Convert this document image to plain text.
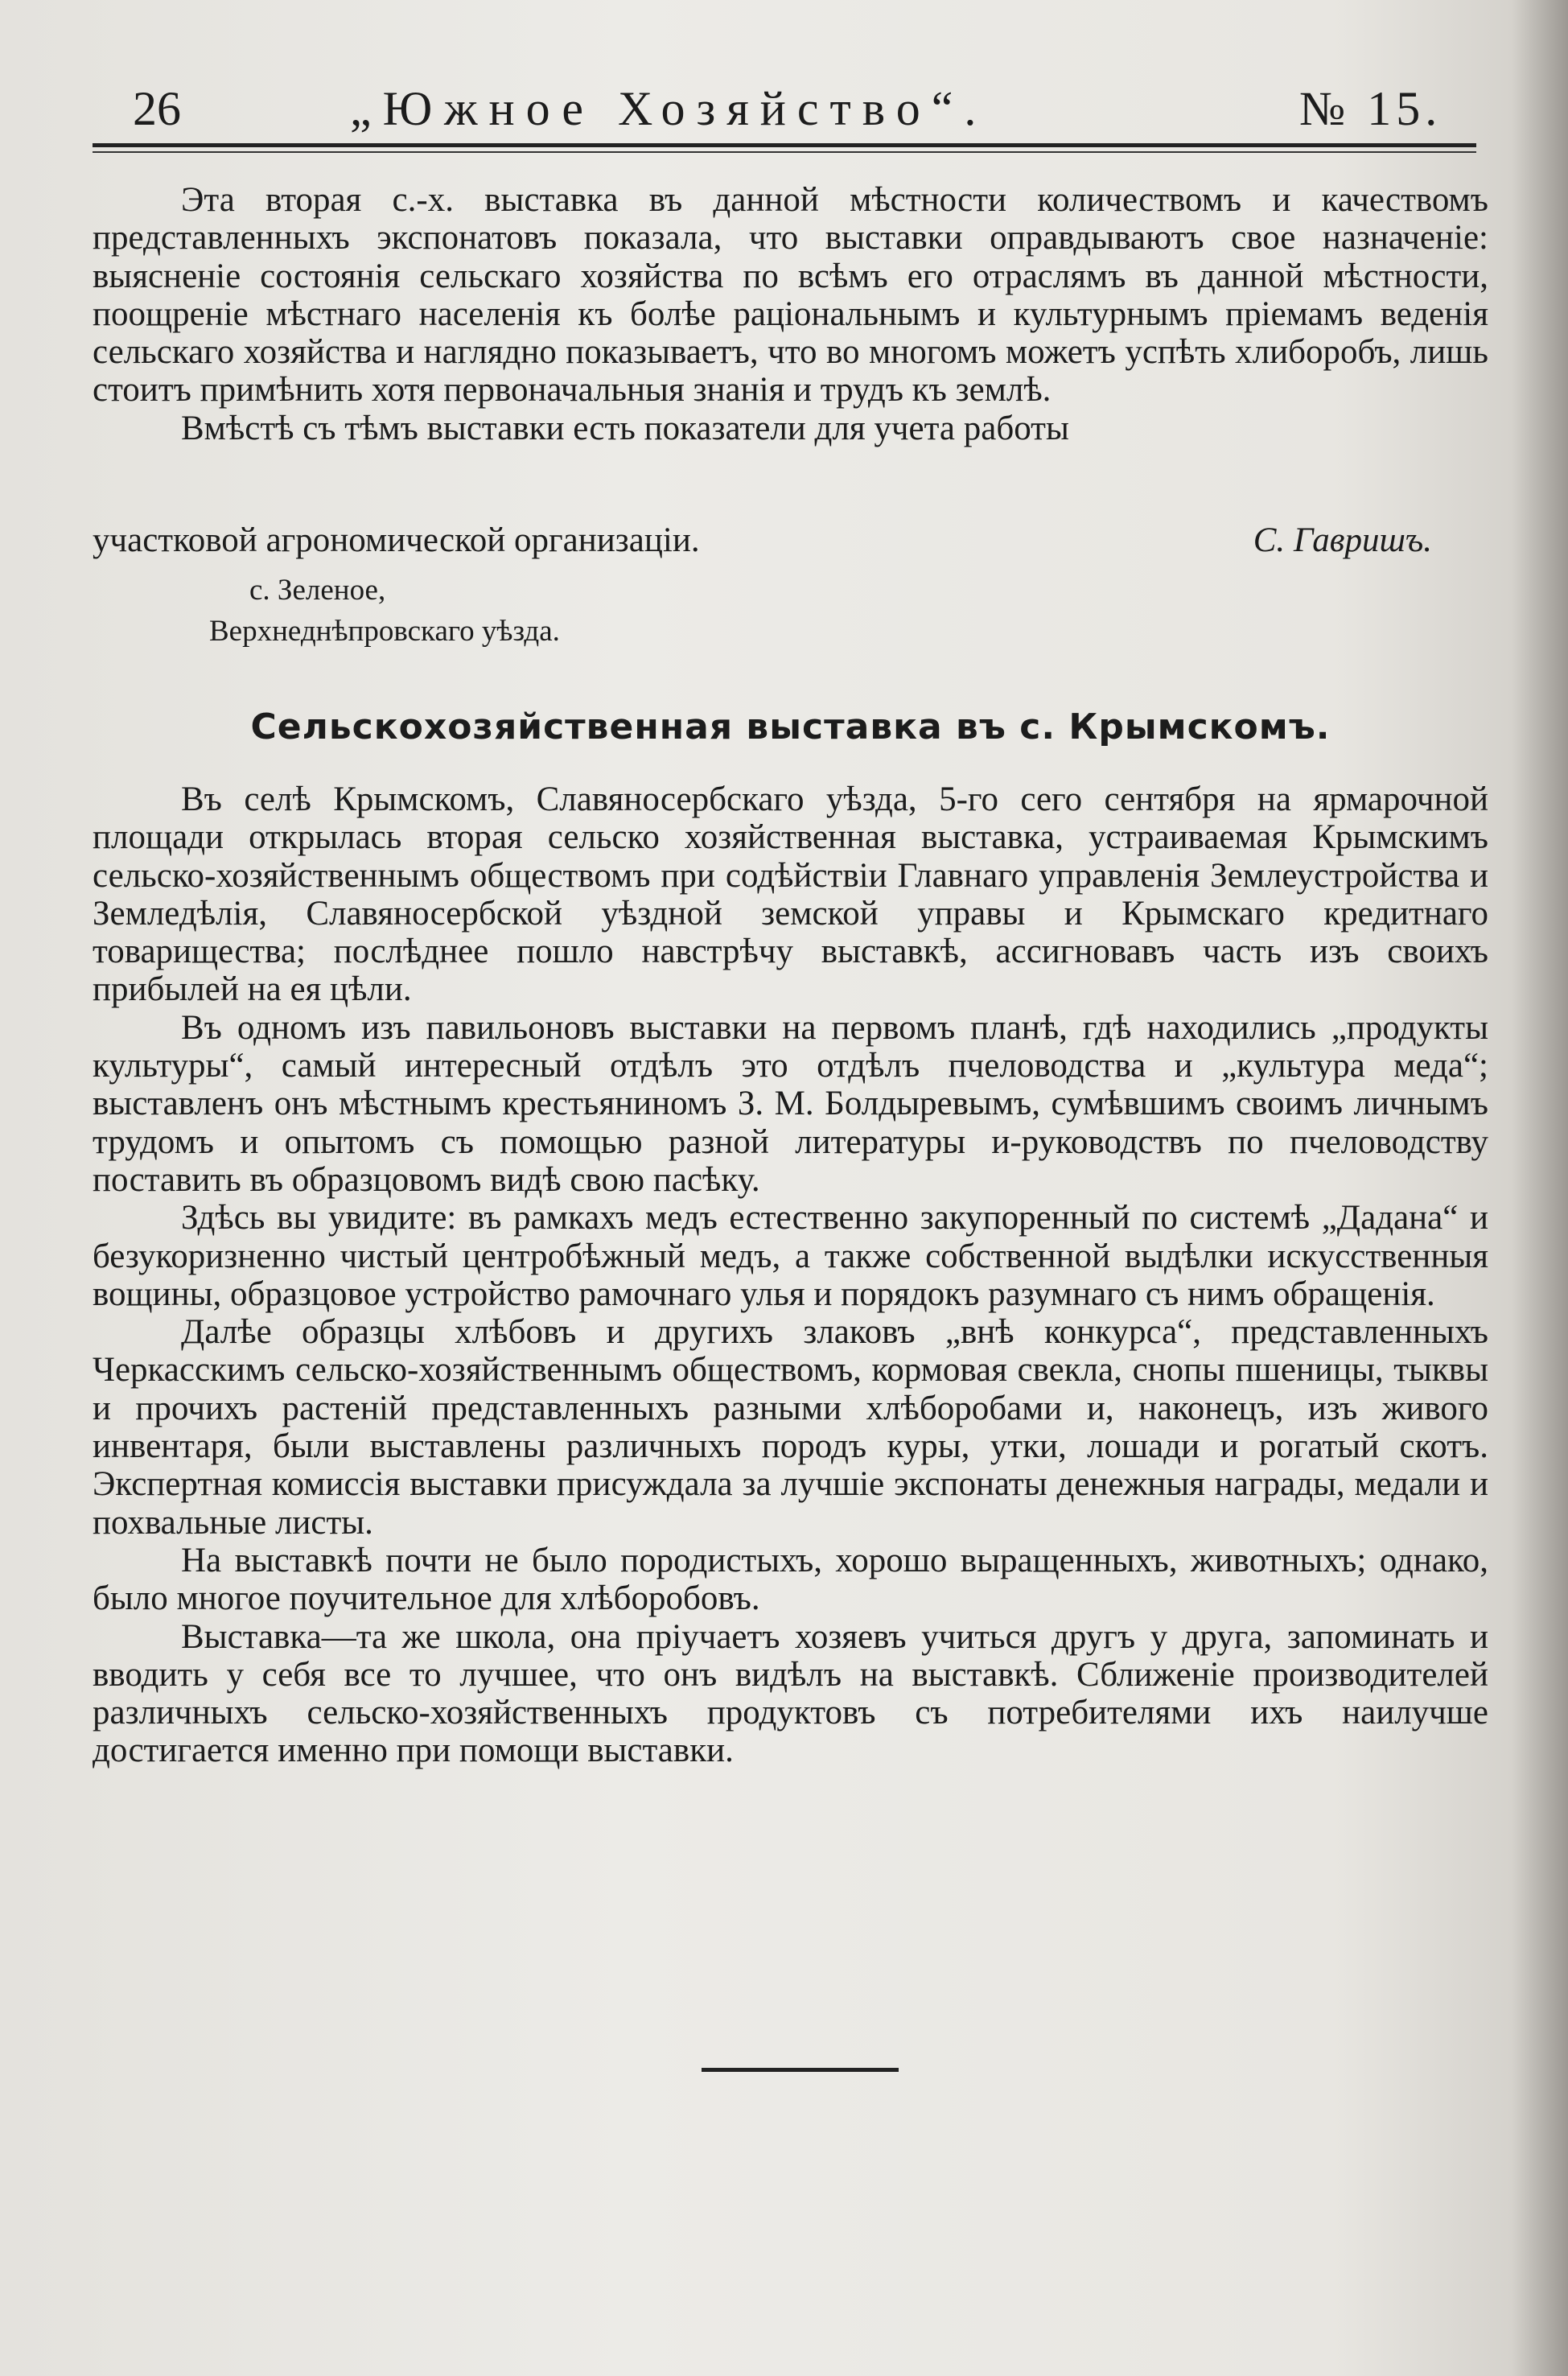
26	„Южное Хозяйство“.	№ 15.

Эта вторая с.-х. выставка въ данной мѣстности количествомъ и качествомъ представленныхъ экспонатовъ показала, что выставки оправдываютъ свое назначеніе: выясненіе состоянія сельскаго хозяйства по всѣмъ его отраслямъ въ данной мѣстности, поощреніе мѣстнаго населенія къ болѣе раціональнымъ и культурнымъ пріемамъ веденія сельскаго хозяйства и наглядно показываетъ, что во многомъ можетъ успѣть хлиборобъ, лишь стоитъ примѣнить хотя первоначальныя знанія и трудъ къ землѣ.

Вмѣстѣ съ тѣмъ выставки есть показатели для учета работы

участковой агрономической организаціи.	С. Гавришъ.
с. Зеленое,
Верхнеднѣпровскаго уѣзда.
Сельскохозяйственная выставка въ с. Крымскомъ.

Въ селѣ Крымскомъ, Славяносербскаго уѣзда, 5-го сего сентября на ярмарочной площади открылась вторая сельско хозяйственная выставка, устраиваемая Крымскимъ сельско-хозяйственнымъ обществомъ при содѣйствіи Главнаго управленія Землеустройства и Земледѣлія, Славяносербской уѣздной земской управы и Крымскаго кредитнаго товарищества; послѣднее пошло навстрѣчу выставкѣ, ассигновавъ часть изъ своихъ прибылей на ея цѣли.

Въ одномъ изъ павильоновъ выставки на первомъ планѣ, гдѣ находились „продукты культуры“, самый интересный отдѣлъ это отдѣлъ пчеловодства и „культура меда“; выставленъ онъ мѣстнымъ крестьяниномъ З. М. Болдыревымъ, сумѣвшимъ своимъ личнымъ трудомъ и опытомъ съ помощью разной литературы и-руководствъ по пчеловодству поставить въ образцовомъ видѣ свою пасѣку.

Здѣсь вы увидите: въ рамкахъ медъ естественно закупоренный по системѣ „Дадана“ и безукоризненно чистый центробѣжный медъ, а также собственной выдѣлки искусственныя вощины, образцовое устройство рамочнаго улья и порядокъ разумнаго съ нимъ обращенія.

Далѣе образцы хлѣбовъ и другихъ злаковъ „внѣ конкурса“, представленныхъ Черкасскимъ сельско-хозяйственнымъ обществомъ, кормовая свекла, снопы пшеницы, тыквы и прочихъ растеній представленныхъ разными хлѣборобами и, наконецъ, изъ живого инвентаря, были выставлены различныхъ породъ куры, утки, лошади и рогатый скотъ. Экспертная комиссія выставки присуждала за лучшіе экспонаты денежныя награды, медали и похвальные листы.

На выставкѣ почти не было породистыхъ, хорошо выращенныхъ, животныхъ; однако, было многое поучительное для хлѣборобовъ.

Выставка—та же школа, она пріучаетъ хозяевъ учиться другъ у друга, запоминать и вводить у себя все то лучшее, что онъ видѣлъ на выставкѣ. Сближеніе производителей различныхъ сельско-хозяйственныхъ продуктовъ съ потребителями ихъ наилучше достигается именно при помощи выставки.
